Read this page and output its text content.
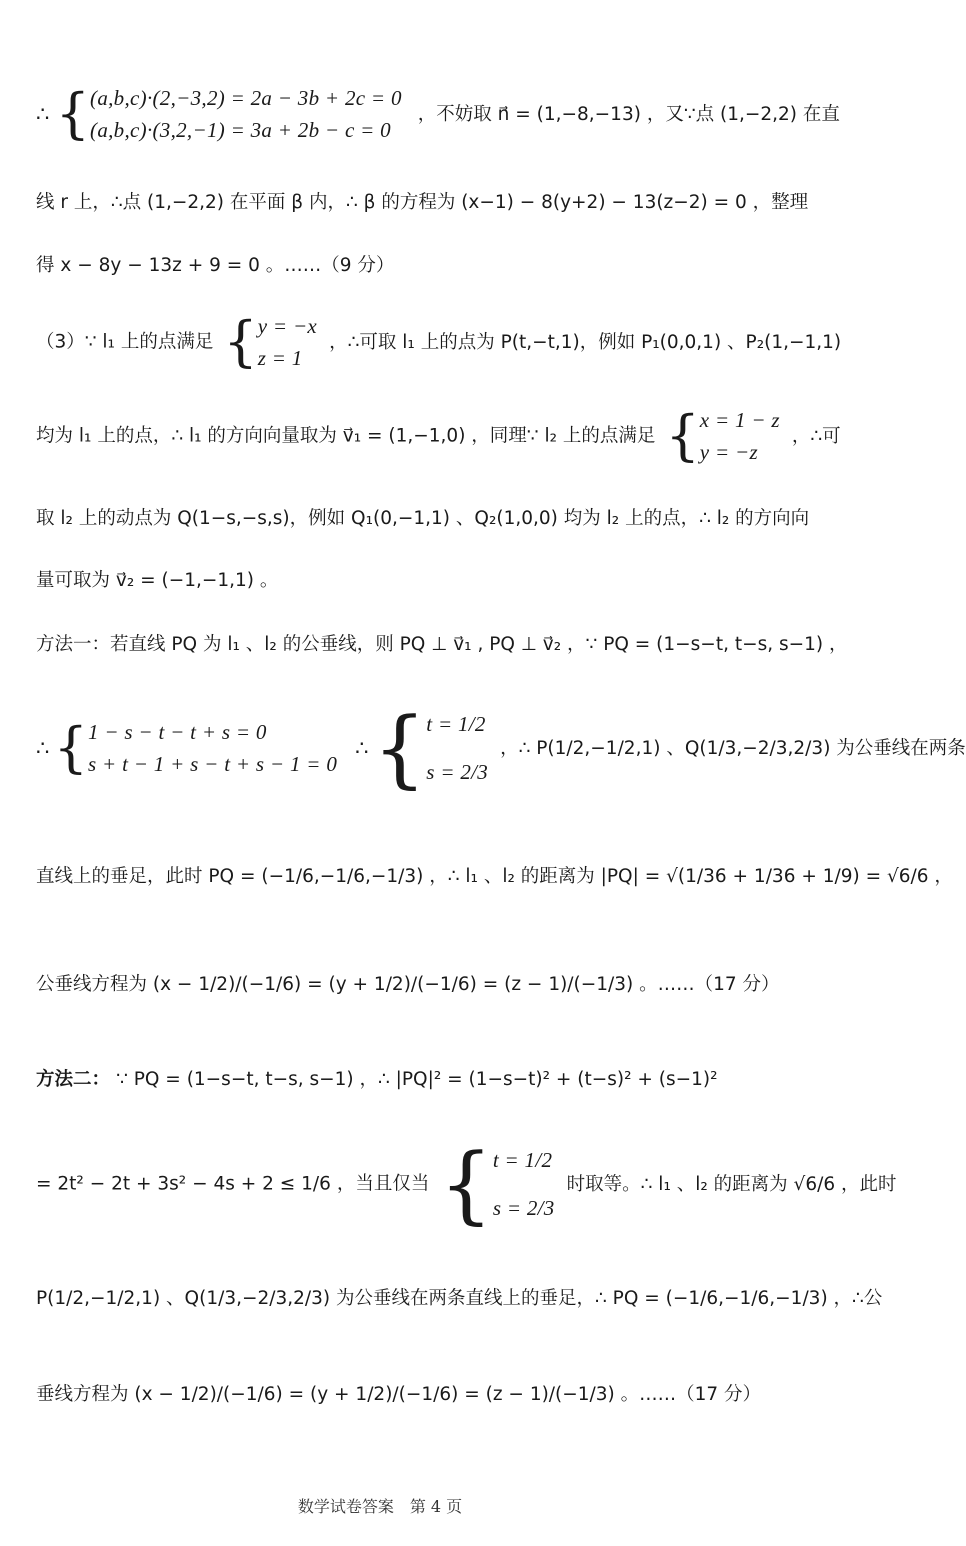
∴ { (a,b,c)·(2,−3,2) = 2a − 3b + 2c = 0
(a,b,c)·(3,2,−1) = 3a + 2b − c = 0
，不妨取 n⃗ = (1,−8,−13) ，又∵点 (1,−2,2) 在直
线 r 上，∴点 (1,−2,2) 在平面 β 内，∴ β 的方程为 (x−1) − 8(y+2) − 13(z−2) = 0 ，整理
得 x − 8y − 13z + 9 = 0 。……（9 分）
（3）∵ l₁ 上的点满足 { y = −x
z = 1
，∴可取 l₁ 上的点为 P(t,−t,1)，例如 P₁(0,0,1) 、P₂(1,−1,1)
均为 l₁ 上的点，∴ l₁ 的方向向量取为 v⃗₁ = (1,−1,0) ，同理∵ l₂ 上的点满足 { x = 1 − z
y = −z
，∴可
取 l₂ 上的动点为 Q(1−s,−s,s)，例如 Q₁(0,−1,1) 、Q₂(1,0,0) 均为 l₂ 上的点，∴ l₂ 的方向向
量可取为 v⃗₂ = (−1,−1,1) 。
方法一：若直线 PQ 为 l₁ 、l₂ 的公垂线，则 PQ ⊥ v⃗₁ , PQ ⊥ v⃗₂ ，∵ PQ = (1−s−t, t−s, s−1) ，
∴ { 1 − s − t − t + s = 0
s + t − 1 + s − t + s − 1 = 0

∴ { t = 1/2
s = 2/3
，∴ P(1/2,−1/2,1) 、Q(1/3,−2/3,2/3) 为公垂线在两条
直线上的垂足，此时 PQ = (−1/6,−1/6,−1/3) ，∴ l₁ 、l₂ 的距离为 |PQ| = √(1/36 + 1/36 + 1/9) = √6/6 ，
公垂线方程为 (x − 1/2)/(−1/6) = (y + 1/2)/(−1/6) = (z − 1)/(−1/3) 。……（17 分）
方法二： ∵ PQ = (1−s−t, t−s, s−1) ，∴ |PQ|² = (1−s−t)² + (t−s)² + (s−1)²
= 2t² − 2t + 3s² − 4s + 2 ≤ 1/6 ，当且仅当 { t = 1/2
s = 2/3
时取等。∴ l₁ 、l₂ 的距离为 √6/6 ，此时
P(1/2,−1/2,1) 、Q(1/3,−2/3,2/3) 为公垂线在两条直线上的垂足，∴ PQ = (−1/6,−1/6,−1/3) ，∴公
垂线方程为 (x − 1/2)/(−1/6) = (y + 1/2)/(−1/6) = (z − 1)/(−1/3) 。……（17 分）
数学试卷答案　第 4 页
